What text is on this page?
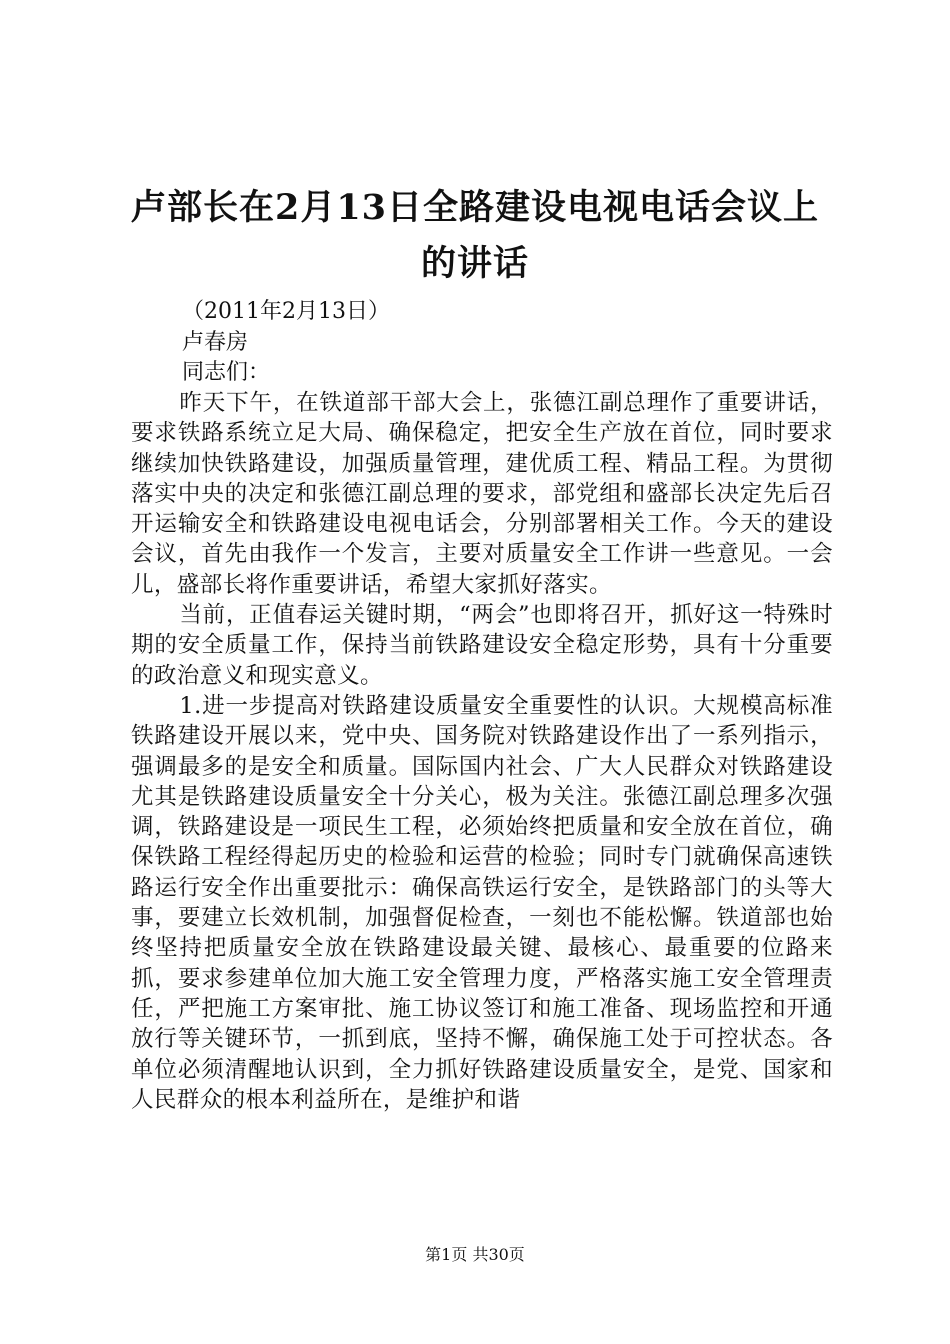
卢部长在2月13日全路建设电视电话会议上
的讲话
（2011年2月13日）
卢春房
同志们：

昨天下午，在铁道部干部大会上，张德江副总理作了重要讲话，要求铁路系统立足大局、确保稳定，把安全生产放在首位，同时要求继续加快铁路建设，加强质量管理，建优质工程、精品工程。为贯彻落实中央的决定和张德江副总理的要求，部党组和盛部长决定先后召开运输安全和铁路建设电视电话会，分别部署相关工作。今天的建设会议，首先由我作一个发言，主要对质量安全工作讲一些意见。一会儿，盛部长将作重要讲话，希望大家抓好落实。

当前，正值春运关键时期，“两会”也即将召开，抓好这一特殊时期的安全质量工作，保持当前铁路建设安全稳定形势，具有十分重要的政治意义和现实意义。

1.进一步提高对铁路建设质量安全重要性的认识。大规模高标准铁路建设开展以来，党中央、国务院对铁路建设作出了一系列指示，强调最多的是安全和质量。国际国内社会、广大人民群众对铁路建设尤其是铁路建设质量安全十分关心，极为关注。张德江副总理多次强调，铁路建设是一项民生工程，必须始终把质量和安全放在首位，确保铁路工程经得起历史的检验和运营的检验；同时专门就确保高速铁路运行安全作出重要批示：确保高铁运行安全，是铁路部门的头等大事，要建立长效机制，加强督促检查，一刻也不能松懈。铁道部也始终坚持把质量安全放在铁路建设最关键、最核心、最重要的位路来抓，要求参建单位加大施工安全管理力度，严格落实施工安全管理责任，严把施工方案审批、施工协议签订和施工准备、现场监控和开通放行等关键环节，一抓到底，坚持不懈，确保施工处于可控状态。各单位必须清醒地认识到，全力抓好铁路建设质量安全，是党、国家和人民群众的根本利益所在，是维护和谐

第1页 共30页
